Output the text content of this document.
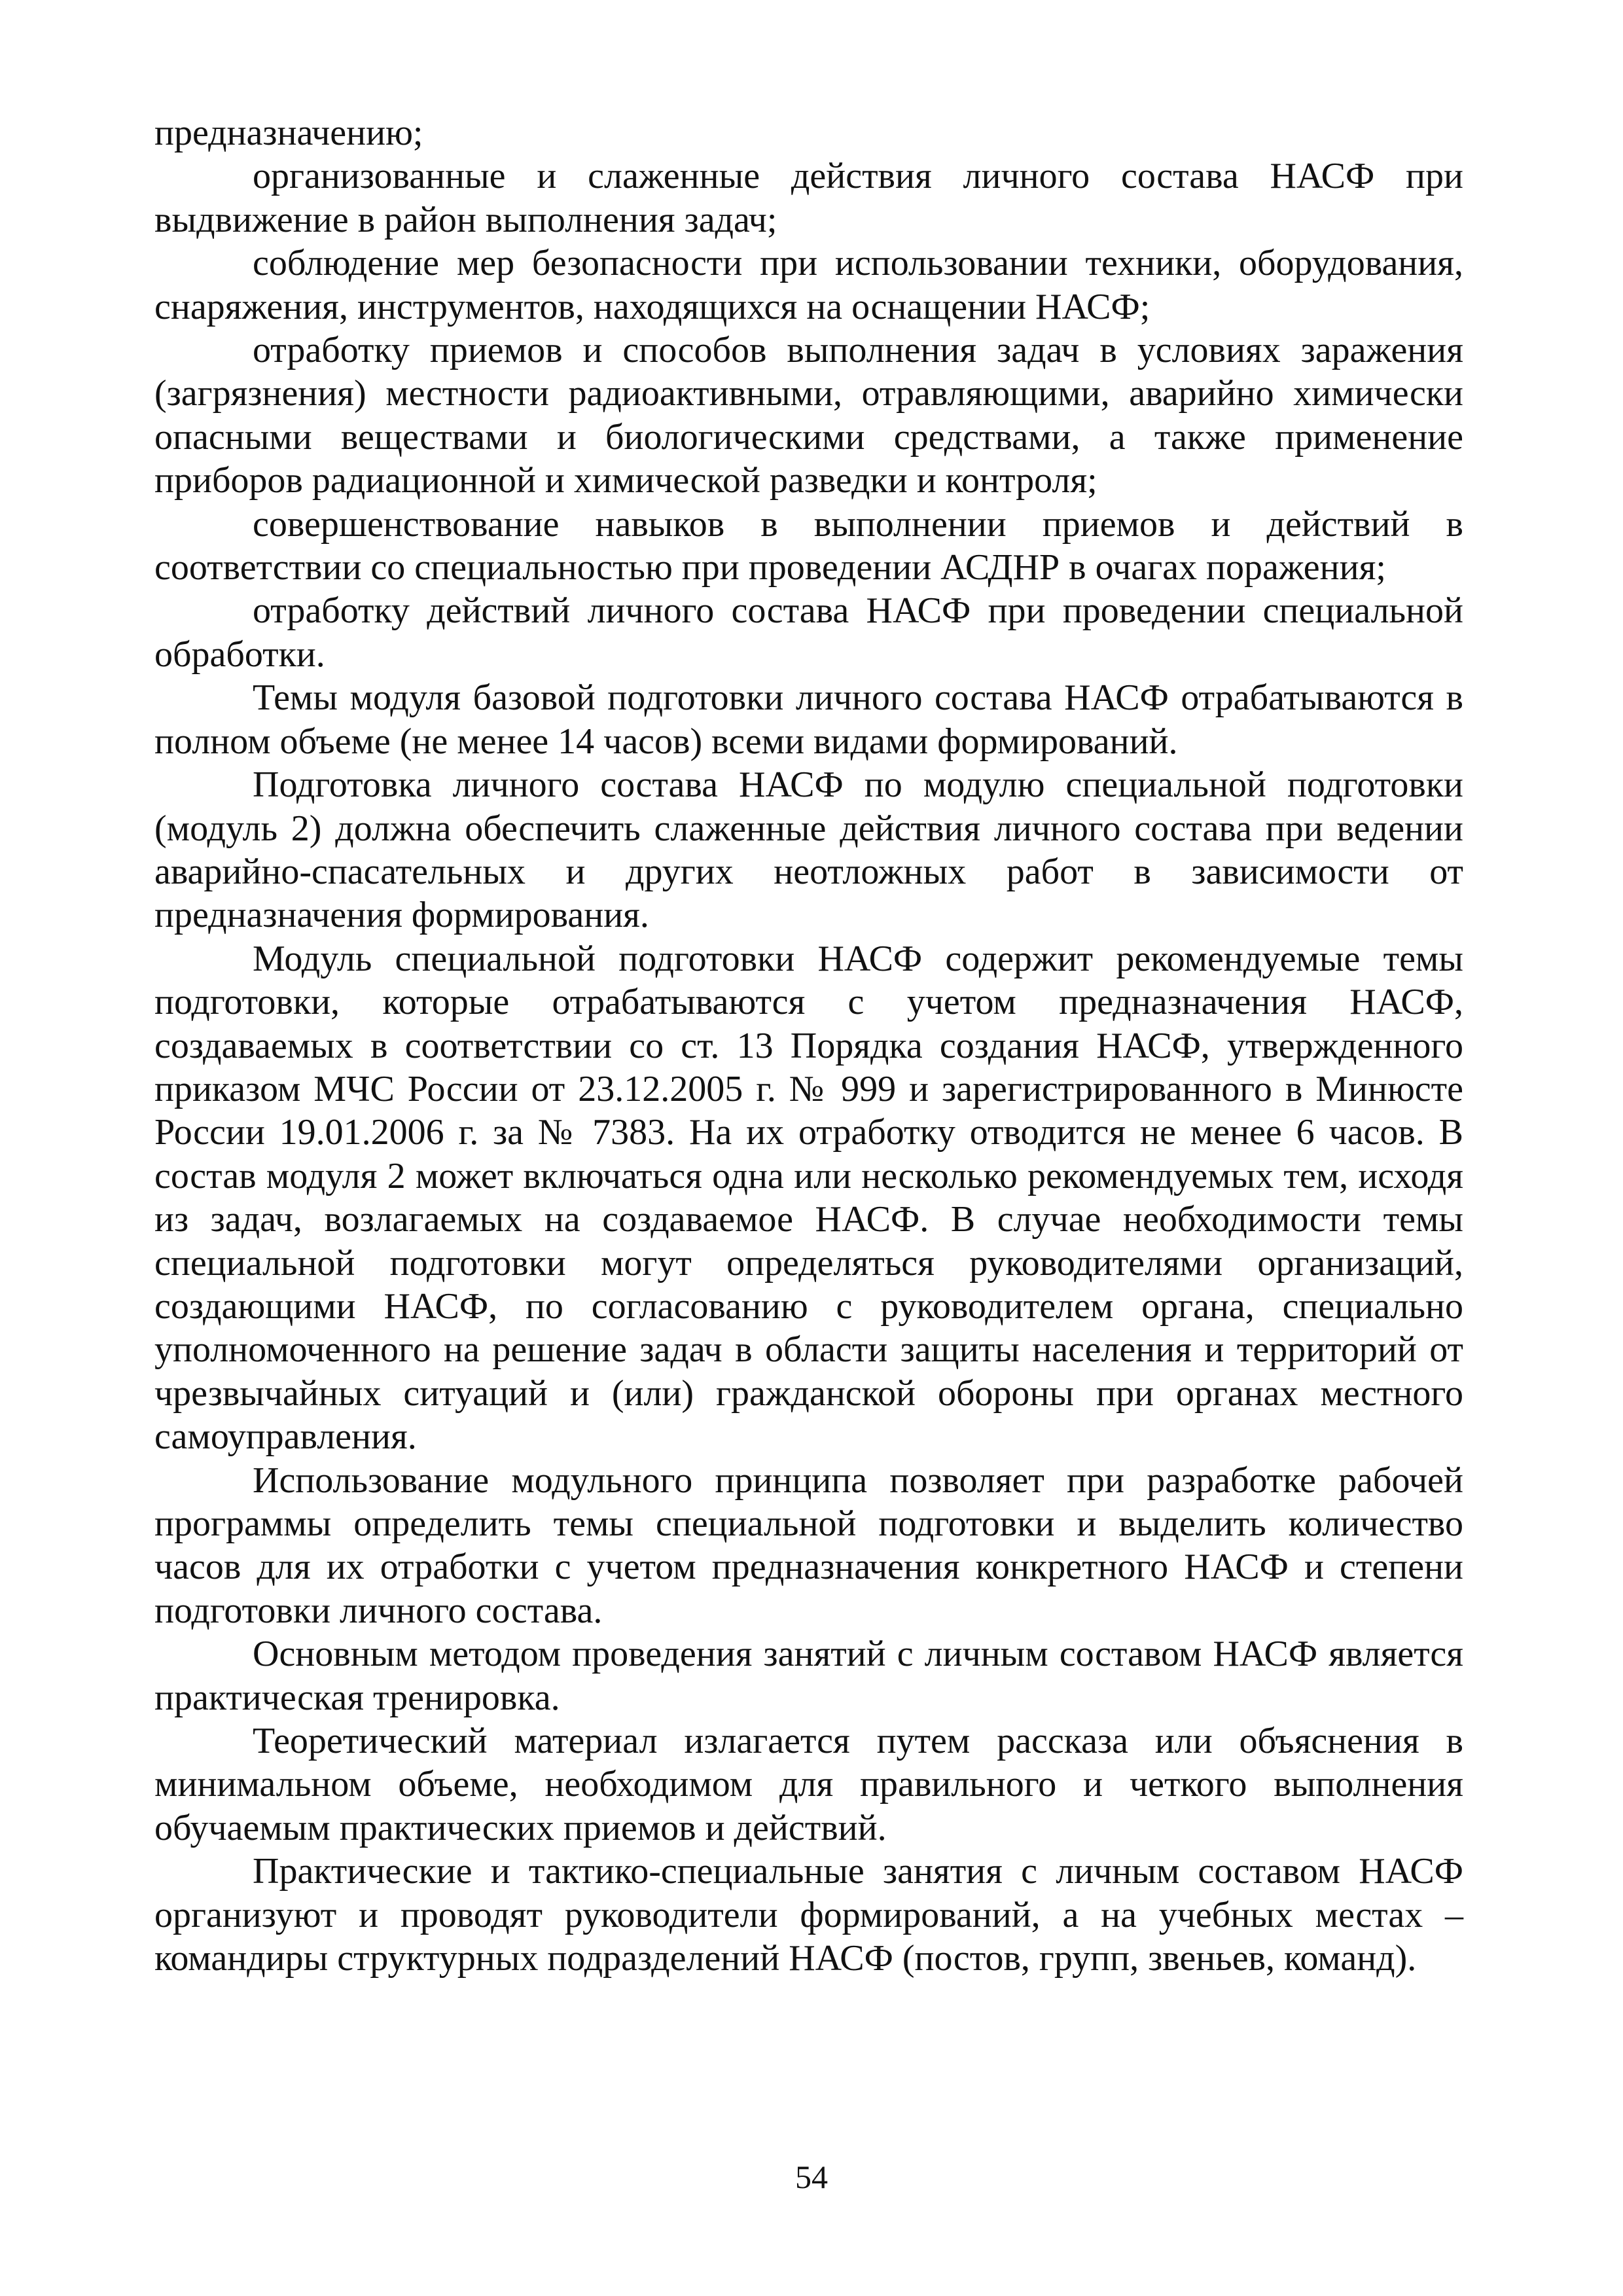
предназначению;

организованные и слаженные действия личного состава НАСФ при выдвижение в район выполнения задач;

соблюдение мер безопасности при использовании техники, оборудования, снаряжения, инструментов, находящихся на оснащении НАСФ;

отработку приемов и способов выполнения задач в условиях заражения (загрязнения) местности радиоактивными, отравляющими, аварийно химически опасными веществами и биологическими средствами, а также применение приборов радиационной и химической разведки и контроля;

совершенствование навыков в выполнении приемов и действий в соответствии со специальностью при проведении АСДНР в очагах поражения;

отработку действий личного состава НАСФ при проведении специальной обработки.

Темы модуля базовой подготовки личного состава НАСФ отрабатываются в полном объеме (не менее 14 часов) всеми видами формирований.

Подготовка личного состава НАСФ по модулю специальной подготовки (модуль 2) должна обеспечить слаженные действия личного состава при ведении аварийно-спасательных и других неотложных работ в зависимости от предназначения формирования.

Модуль специальной подготовки НАСФ содержит рекомендуемые темы подготовки, которые отрабатываются с учетом предназначения НАСФ, создаваемых в соответствии со ст. 13 Порядка создания НАСФ, утвержденного приказом МЧС России от 23.12.2005 г. № 999 и зарегистрированного в Минюсте России 19.01.2006 г. за № 7383. На их отработку отводится не менее 6 часов. В состав модуля 2 может включаться одна или несколько рекомендуемых тем, исходя из задач, возлагаемых на создаваемое НАСФ. В случае необходимости темы специальной подготовки могут определяться руководителями организаций, создающими НАСФ, по согласованию с руководителем органа, специально уполномоченного на решение задач в области защиты населения и территорий от чрезвычайных ситуаций и (или) гражданской обороны при органах местного самоуправления.

Использование модульного принципа позволяет при разработке рабочей программы определить темы специальной подготовки и выделить количество часов для их отработки с учетом предназначения конкретного НАСФ и степени подготовки личного состава.

Основным методом проведения занятий с личным составом НАСФ является практическая тренировка.

Теоретический материал излагается путем рассказа или объяснения в минимальном объеме, необходимом для правильного и четкого выполнения обучаемым практических приемов и действий.

Практические и тактико-специальные занятия с личным составом НАСФ организуют и проводят руководители формирований, а на учебных местах – командиры структурных подразделений НАСФ (постов, групп, звеньев, команд).

54
